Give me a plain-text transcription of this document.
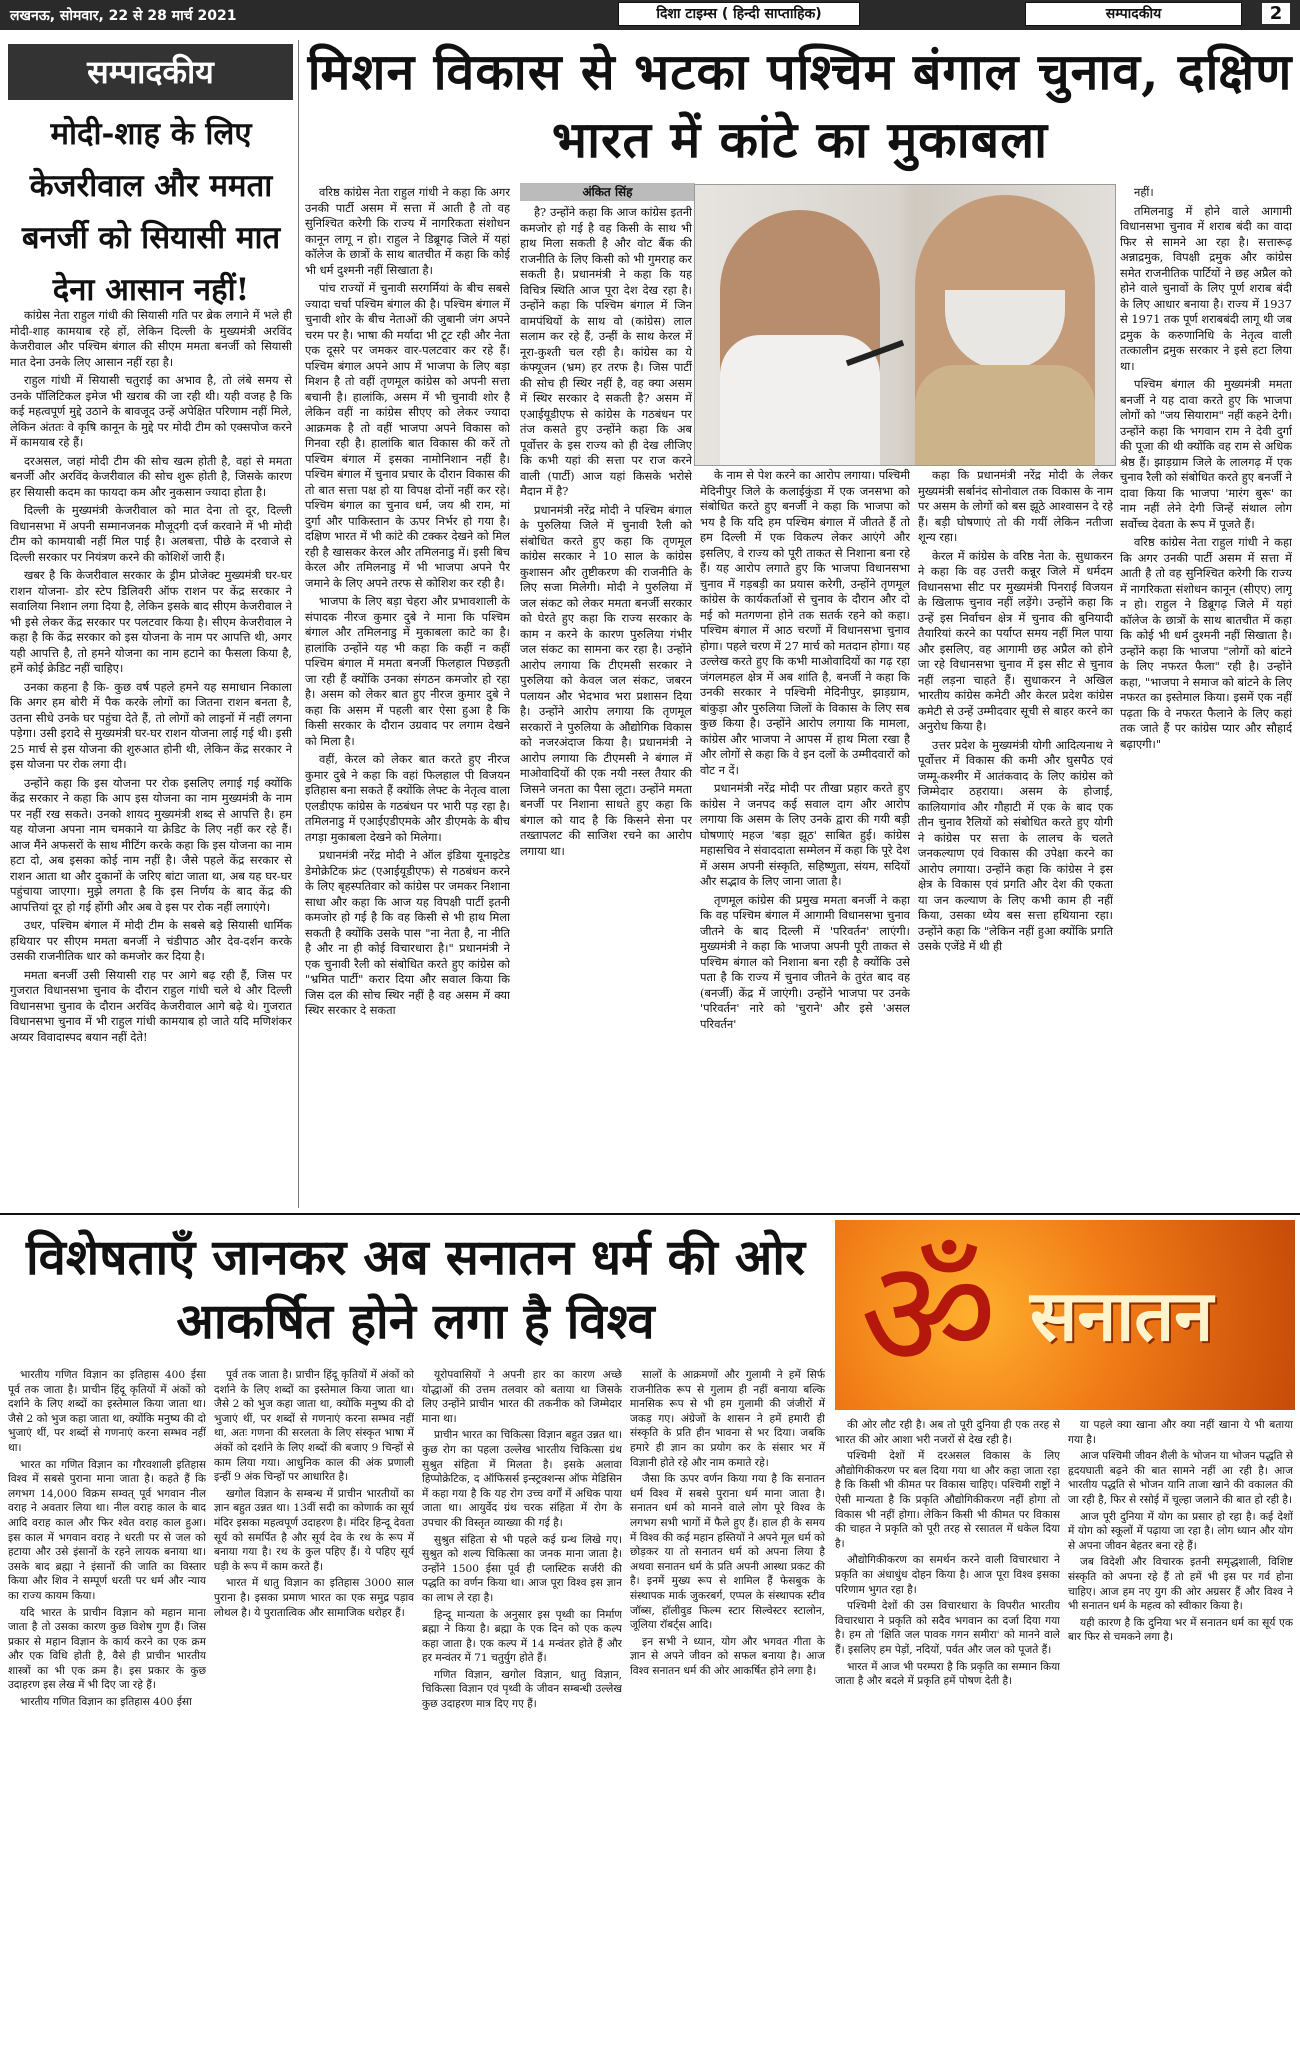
लखनऊ, सोमवार, 22 से 28 मार्च 2021	दिशा टाइम्स ( हिन्दी साप्ताहिक)	सम्पादकीय	2
सम्पादकीय
मोदी-शाह के लिए केजरीवाल और ममता बनर्जी को सियासी मात देना आसान नहीं!

कांग्रेस नेता राहुल गांधी की सियासी गति पर ब्रेक लगाने में भले ही मोदी-शाह कामयाब रहे हों, लेकिन दिल्ली के मुख्यमंत्री अरविंद केजरीवाल और पश्चिम बंगाल की सीएम ममता बनर्जी को सियासी मात देना उनके लिए आसान नहीं रहा है।

राहुल गांधी में सियासी चतुराई का अभाव है, तो लंबे समय से उनके पॉलिटिकल इमेज भी खराब की जा रही थी। यही वजह है कि कई महत्वपूर्ण मुद्दे उठाने के बावजूद उन्हें अपेक्षित परिणाम नहीं मिले, लेकिन अंततः वे कृषि कानून के मुद्दे पर मोदी टीम को एक्सपोज करने में कामयाब रहे हैं।

दरअसल, जहां मोदी टीम की सोच खत्म होती है, वहां से ममता बनर्जी और अरविंद केजरीवाल की सोच शुरू होती है, जिसके कारण हर सियासी कदम का फायदा कम और नुकसान ज्यादा होता है।

दिल्ली के मुख्यमंत्री केजरीवाल को मात देना तो दूर, दिल्ली विधानसभा में अपनी सम्मानजनक मौजूदगी दर्ज करवाने में भी मोदी टीम को कामयाबी नहीं मिल पाई है। अलबत्ता, पीछे के दरवाजे से दिल्ली सरकार पर नियंत्रण करने की कोशिशें जारी हैं।

खबर है कि केजरीवाल सरकार के ड्रीम प्रोजेक्ट मुख्यमंत्री घर-घर राशन योजना- डोर स्टेप डिलिवरी ऑफ राशन पर केंद्र सरकार ने सवालिया निशान लगा दिया है, लेकिन इसके बाद सीएम केजरीवाल ने भी इसे लेकर केंद्र सरकार पर पलटवार किया है। सीएम केजरीवाल ने कहा है कि केंद्र सरकार को इस योजना के नाम पर आपत्ति थी, अगर यही आपत्ति है, तो हमने योजना का नाम हटाने का फैसला किया है, हमें कोई क्रेडिट नहीं चाहिए।

उनका कहना है कि- कुछ वर्ष पहले हमने यह समाधान निकाला कि अगर हम बोरी में पैक करके लोगों का जितना राशन बनता है, उतना सीधे उनके घर पहुंचा देते हैं, तो लोगों को लाइनों में नहीं लगना पड़ेगा। उसी इरादे से मुख्यमंत्री घर-घर राशन योजना लाई गई थी। इसी 25 मार्च से इस योजना की शुरुआत होनी थी, लेकिन केंद्र सरकार ने इस योजना पर रोक लगा दी।

उन्होंने कहा कि इस योजना पर रोक इसलिए लगाई गई क्योंकि केंद्र सरकार ने कहा कि आप इस योजना का नाम मुख्यमंत्री के नाम पर नहीं रख सकते। उनको शायद मुख्यमंत्री शब्द से आपत्ति है। हम यह योजना अपना नाम चमकाने या क्रेडिट के लिए नहीं कर रहे हैं। आज मैंने अफसरों के साथ मीटिंग करके कहा कि इस योजना का नाम हटा दो, अब इसका कोई नाम नहीं है। जैसे पहले केंद्र सरकार से राशन आता था और दुकानों के जरिए बांटा जाता था, अब यह घर-घर पहुंचाया जाएगा। मुझे लगता है कि इस निर्णय के बाद केंद्र की आपत्तियां दूर हो गई होंगी और अब वे इस पर रोक नहीं लगाएंगे।

उधर, पश्चिम बंगाल में मोदी टीम के सबसे बड़े सियासी धार्मिक हथियार पर सीएम ममता बनर्जी ने चंडीपाठ और देव-दर्शन करके उसकी राजनीतिक धार को कमजोर कर दिया है।

ममता बनर्जी उसी सियासी राह पर आगे बढ़ रही हैं, जिस पर गुजरात विधानसभा चुनाव के दौरान राहुल गांधी चले थे और दिल्ली विधानसभा चुनाव के दौरान अरविंद केजरीवाल आगे बढ़े थे। गुजरात विधानसभा चुनाव में भी राहुल गांधी कामयाब हो जाते यदि मणिशंकर अय्यर विवादास्पद बयान नहीं देते!

मिशन विकास से भटका पश्चिम बंगाल चुनाव, दक्षिण भारत में कांटे का मुकाबला

वरिष्ठ कांग्रेस नेता राहुल गांधी ने कहा कि अगर उनकी पार्टी असम में सत्ता में आती है तो वह सुनिश्चित करेगी कि राज्य में नागरिकता संशोधन कानून लागू न हो। राहुल ने डिब्रूगढ़ जिले में यहां कॉलेज के छात्रों के साथ बातचीत में कहा कि कोई भी धर्म दुश्मनी नहीं सिखाता है।

पांच राज्यों में चुनावी सरगर्मियां के बीच सबसे ज्यादा चर्चा पश्चिम बंगाल की है। पश्चिम बंगाल में चुनावी शोर के बीच नेताओं की जुबानी जंग अपने चरम पर है। भाषा की मर्यादा भी टूट रही और नेता एक दूसरे पर जमकर वार-पलटवार कर रहे हैं। पश्चिम बंगाल अपने आप में भाजपा के लिए बड़ा मिशन है तो वहीं तृणमूल कांग्रेस को अपनी सत्ता बचानी है। हालांकि, असम में भी चुनावी शोर है लेकिन वहीं ना कांग्रेस सीएए को लेकर ज्यादा आक्रमक है तो वहीं भाजपा अपने विकास को गिनवा रही है। हालांकि बात विकास की करें तो पश्चिम बंगाल में इसका नामोनिशान नहीं है। पश्चिम बंगाल में चुनाव प्रचार के दौरान विकास की तो बात सत्ता पक्ष हो या विपक्ष दोनों नहीं कर रहे। पश्चिम बंगाल का चुनाव धर्म, जय श्री राम, मां दुर्गा और पाकिस्तान के ऊपर निर्भर हो गया है। दक्षिण भारत में भी कांटे की टक्कर देखने को मिल रही है खासकर केरल और तमिलनाडु में। इसी बिच केरल और तमिलनाडु में भी भाजपा अपने पैर जमाने के लिए अपने तरफ से कोशिश कर रही है।

भाजपा के लिए बड़ा चेहरा और प्रभावशाली के संपादक नीरज कुमार दुबे ने माना कि पश्चिम बंगाल और तमिलनाडु में मुकाबला काटे का है। हालांकि उन्होंने यह भी कहा कि कहीं न कहीं पश्चिम बंगाल में ममता बनर्जी फिलहाल पिछड़ती जा रही हैं क्योंकि उनका संगठन कमजोर हो रहा है। असम को लेकर बात हुए नीरज कुमार दुबे ने कहा कि असम में पहली बार ऐसा हुआ है कि किसी सरकार के दौरान उग्रवाद पर लगाम देखने को मिला है।

वहीं, केरल को लेकर बात करते हुए नीरज कुमार दुबे ने कहा कि वहां फिलहाल पी विजयन इतिहास बना सकते हैं क्योंकि लेफ्ट के नेतृत्व वाला एलडीएफ कांग्रेस के गठबंधन पर भारी पड़ रहा है। तमिलनाडु में एआईएडीएमके और डीएमके के बीच तगड़ा मुकाबला देखने को मिलेगा।

प्रधानमंत्री नरेंद्र मोदी ने ऑल इंडिया यूनाइटेड डेमोक्रेटिक फ्रंट (एआईयूडीएफ) से गठबंधन करने के लिए बृहस्पतिवार को कांग्रेस पर जमकर निशाना साधा और कहा कि आज यह विपक्षी पार्टी इतनी कमजोर हो गई है कि वह किसी से भी हाथ मिला सकती है क्योंकि उसके पास "ना नेता है, ना नीति है और ना ही कोई विचारधारा है।" प्रधानमंत्री ने एक चुनावी रैली को संबोधित करते हुए कांग्रेस को "भ्रमित पार्टी" करार दिया और सवाल किया कि जिस दल की सोच स्थिर नहीं है वह असम में क्या स्थिर सरकार दे सकता

अंकित सिंह

है? उन्होंने कहा कि आज कांग्रेस इतनी कमजोर हो गई है वह किसी के साथ भी हाथ मिला सकती है और वोट बैंक की राजनीति के लिए किसी को भी गुमराह कर सकती है। प्रधानमंत्री ने कहा कि यह विचित्र स्थिति आज पूरा देश देख रहा है। उन्होंने कहा कि पश्चिम बंगाल में जिन वामपंथियों के साथ वो (कांग्रेस) लाल सलाम कर रहे हैं, उन्हीं के साथ केरल में नूरा-कुश्ती चल रही है। कांग्रेस का ये कंफ्यूजन (भ्रम) हर तरफ है। जिस पार्टी की सोच ही स्थिर नहीं है, वह क्या असम में स्थिर सरकार दे सकती है? असम में एआईयूडीएफ से कांग्रेस के गठबंधन पर तंज कसते हुए उन्होंने कहा कि अब पूर्वोत्तर के इस राज्य को ही देख लीजिए कि कभी यहां की सत्ता पर राज करने वाली (पार्टी) आज यहां किसके भरोसे मैदान में है?

प्रधानमंत्री नरेंद्र मोदी ने पश्चिम बंगाल के पुरुलिया जिले में चुनावी रैली को संबोधित करते हुए कहा कि तृणमूल कांग्रेस सरकार ने 10 साल के कांग्रेस कुशासन और तुष्टीकरण की राजनीति के लिए सजा मिलेगी। मोदी ने पुरुलिया में जल संकट को लेकर ममता बनर्जी सरकार को घेरते हुए कहा कि राज्य सरकार के काम न करने के कारण पुरुलिया गंभीर जल संकट का सामना कर रहा है। उन्होंने आरोप लगाया कि टीएमसी सरकार ने पुरुलिया को केवल जल संकट, जबरन पलायन और भेदभाव भरा प्रशासन दिया है। उन्होंने आरोप लगाया कि तृणमूल सरकारों ने पुरुलिया के औद्योगिक विकास को नजरअंदाज किया है। प्रधानमंत्री ने आरोप लगाया कि टीएमसी ने बंगाल में माओवादियों की एक नयी नस्ल तैयार की जिसने जनता का पैसा लूटा। उन्होंने ममता बनर्जी पर निशाना साधते हुए कहा कि बंगाल को याद है कि किसने सेना पर तख्तापलट की साजिश रचने का आरोप लगाया था।

के नाम से पेश करने का आरोप लगाया। पश्चिमी मेदिनीपुर जिले के कलाईकुंडा में एक जनसभा को संबोधित करते हुए बनर्जी ने कहा कि भाजपा को भय है कि यदि हम पश्चिम बंगाल में जीतते हैं तो हम दिल्ली में एक विकल्प लेकर आएंगे और इसलिए, वे राज्य को पूरी ताकत से निशाना बना रहे हैं। यह आरोप लगाते हुए कि भाजपा विधानसभा चुनाव में गड़बड़ी का प्रयास करेगी, उन्होंने तृणमूल कांग्रेस के कार्यकर्ताओं से चुनाव के दौरान और दो मई को मतगणना होने तक सतर्क रहने को कहा। पश्चिम बंगाल में आठ चरणों में विधानसभा चुनाव होगा। पहले चरण में 27 मार्च को मतदान होगा। यह उल्लेख करते हुए कि कभी माओवादियों का गढ़ रहा जंगलमहल क्षेत्र में अब शांति है, बनर्जी ने कहा कि उनकी सरकार ने पश्चिमी मेदिनीपुर, झाड़ग्राम, बांकुड़ा और पुरुलिया जिलों के विकास के लिए सब कुछ किया है। उन्होंने आरोप लगाया कि मामला, कांग्रेस और भाजपा ने आपस में हाथ मिला रखा है और लोगों से कहा कि वे इन दलों के उम्मीदवारों को वोट न दें।

प्रधानमंत्री नरेंद्र मोदी पर तीखा प्रहार करते हुए कांग्रेस ने जनपद कई सवाल दाग और आरोप लगाया कि असम के लिए उनके द्वारा की गयी बड़ी घोषणाएं महज 'बड़ा झूठ' साबित हुई। कांग्रेस महासचिव ने संवाददाता सम्मेलन में कहा कि पूरे देश में असम अपनी संस्कृति, सहिष्णुता, संयम, सदियों और सद्भाव के लिए जाना जाता है।

तृणमूल कांग्रेस की प्रमुख ममता बनर्जी ने कहा कि वह पश्चिम बंगाल में आगामी विधानसभा चुनाव जीतने के बाद दिल्ली में 'परिवर्तन' लाएंगी। मुख्यमंत्री ने कहा कि भाजपा अपनी पूरी ताकत से पश्चिम बंगाल को निशाना बना रही है क्योंकि उसे पता है कि राज्य में चुनाव जीतने के तुरंत बाद वह (बनर्जी) केंद्र में जाएंगी। उन्होंने भाजपा पर उनके 'परिवर्तन' नारे को 'चुराने' और इसे 'असल परिवर्तन'

कहा कि प्रधानमंत्री नरेंद्र मोदी के लेकर मुख्यमंत्री सर्बानंद सोनोवाल तक विकास के नाम पर असम के लोगों को बस झूठे आश्वासन दे रहे हैं। बड़ी घोषणाएं तो की गयीं लेकिन नतीजा शून्य रहा।

केरल में कांग्रेस के वरिष्ठ नेता के. सुधाकरन ने कहा कि वह उत्तरी कन्नूर जिले में धर्मदम विधानसभा सीट पर मुख्यमंत्री पिनराई विजयन के खिलाफ चुनाव नहीं लड़ेंगे। उन्होंने कहा कि उन्हें इस निर्वाचन क्षेत्र में चुनाव की बुनियादी तैयारियां करने का पर्याप्त समय नहीं मिल पाया और इसलिए, वह आगामी छह अप्रैल को होने जा रहे विधानसभा चुनाव में इस सीट से चुनाव नहीं लड़ना चाहते हैं। सुधाकरन ने अखिल भारतीय कांग्रेस कमेटी और केरल प्रदेश कांग्रेस कमेटी से उन्हें उम्मीदवार सूची से बाहर करने का अनुरोध किया है।

उत्तर प्रदेश के मुख्यमंत्री योगी आदित्यनाथ ने पूर्वोत्तर में विकास की कमी और घुसपैठ एवं जम्मू-कश्मीर में आतंकवाद के लिए कांग्रेस को जिम्मेदार ठहराया। असम के होजाई, कालियागांव और गौहाटी में एक के बाद एक तीन चुनाव रैलियों को संबोधित करते हुए योगी ने कांग्रेस पर सत्ता के लालच के चलते जनकल्याण एवं विकास की उपेक्षा करने का आरोप लगाया। उन्होंने कहा कि कांग्रेस ने इस क्षेत्र के विकास एवं प्रगति और देश की एकता या जन कल्याण के लिए कभी काम ही नहीं किया, उसका ध्येय बस सत्ता हथियाना रहा। उन्होंने कहा कि "लेकिन नहीं हुआ क्योंकि प्रगति उसके एजेंडे में थी ही

नहीं।

तमिलनाडु में होने वाले आगामी विधानसभा चुनाव में शराब बंदी का वादा फिर से सामने आ रहा है। सत्तारूढ़ अन्नाद्रमुक, विपक्षी द्रमुक और कांग्रेस समेत राजनीतिक पार्टियों ने छह अप्रैल को होने वाले चुनावों के लिए पूर्ण शराब बंदी के लिए आधार बनाया है। राज्य में 1937 से 1971 तक पूर्ण शराबबंदी लागू थी जब द्रमुक के करुणानिधि के नेतृत्व वाली तत्कालीन द्रमुक सरकार ने इसे हटा लिया था।

पश्चिम बंगाल की मुख्यमंत्री ममता बनर्जी ने यह दावा करते हुए कि भाजपा लोगों को "जय सियाराम" नहीं कहने देगी। उन्होंने कहा कि भगवान राम ने देवी दुर्गा की पूजा की थी क्योंकि वह राम से अधिक श्रेष्ठ हैं। झाड़ग्राम जिले के लालगढ़ में एक चुनाव रैली को संबोधित करते हुए बनर्जी ने दावा किया कि भाजपा 'मारंग बुरू' का नाम नहीं लेने देगी जिन्हें संथाल लोग सर्वोच्च देवता के रूप में पूजते हैं।

वरिष्ठ कांग्रेस नेता राहुल गांधी ने कहा कि अगर उनकी पार्टी असम में सत्ता में आती है तो वह सुनिश्चित करेगी कि राज्य में नागरिकता संशोधन कानून (सीएए) लागू न हो। राहुल ने डिब्रूगढ़ जिले में यहां कॉलेज के छात्रों के साथ बातचीत में कहा कि कोई भी धर्म दुश्मनी नहीं सिखाता है। उन्होंने कहा कि भाजपा "लोगों को बांटने के लिए नफरत फैला" रही है। उन्होंने कहा, "भाजपा ने समाज को बांटने के लिए नफरत का इस्तेमाल किया। इसमें एक नहीं पढ़ता कि वे नफरत फैलाने के लिए कहां तक जाते हैं पर कांग्रेस प्यार और सौहार्द बढ़ाएगी।"

विशेषताएँ जानकर अब सनातन धर्म की ओर आकर्षित होने लगा है विश्व	ॐ सनातन

भारतीय गणित विज्ञान का इतिहास 400 ईसा पूर्व तक जाता है। प्राचीन हिंदू कृतियों में अंकों को दर्शाने के लिए शब्दों का इस्तेमाल किया जाता था। जैसे 2 को भुज कहा जाता था, क्योंकि मनुष्य की दो भुजाएं थीं, पर शब्दों से गणनाएं करना सम्भव नहीं था।

भारत का गणित विज्ञान का गौरवशाली इतिहास विश्व में सबसे पुराना माना जाता है। कहते हैं कि लगभग 14,000 विक्रम सम्वत् पूर्व भगवान नील वराह ने अवतार लिया था। नील वराह काल के बाद आदि वराह काल और फिर श्वेत वराह काल हुआ। इस काल में भगवान वराह ने धरती पर से जल को हटाया और उसे इंसानों के रहने लायक बनाया था। उसके बाद ब्रह्मा ने इंसानों की जाति का विस्तार किया और शिव ने सम्पूर्ण धरती पर धर्म और न्याय का राज्य कायम किया।

यदि भारत के प्राचीन विज्ञान को महान माना जाता है तो उसका कारण कुछ विशेष गुण हैं। जिस प्रकार से महान विज्ञान के कार्य करने का एक क्रम और एक विधि होती है, वैसे ही प्राचीन भारतीय शास्त्रों का भी एक क्रम है। इस प्रकार के कुछ उदाहरण इस लेख में भी दिए जा रहे हैं।

भारतीय गणित विज्ञान का इतिहास 400 ईसा

पूर्व तक जाता है। प्राचीन हिंदू कृतियों में अंकों को दर्शाने के लिए शब्दों का इस्तेमाल किया जाता था। जैसे 2 को भुज कहा जाता था, क्योंकि मनुष्य की दो भुजाएं थीं, पर शब्दों से गणनाएं करना सम्भव नहीं था, अतः गणना की सरलता के लिए संस्कृत भाषा में अंकों को दर्शाने के लिए शब्दों की बजाए 9 चिन्हों से काम लिया गया। आधुनिक काल की अंक प्रणाली इन्हीं 9 अंक चिन्हों पर आधारित है।

खगोल विज्ञान के सम्बन्ध में प्राचीन भारतीयों का ज्ञान बहुत उन्नत था। 13वीं सदी का कोणार्क का सूर्य मंदिर इसका महत्वपूर्ण उदाहरण है। मंदिर हिन्दू देवता सूर्य को समर्पित है और सूर्य देव के रथ के रूप में बनाया गया है। रथ के कुल पहिए हैं। ये पहिए सूर्य घड़ी के रूप में काम करते हैं।

भारत में धातु विज्ञान का इतिहास 3000 साल पुराना है। इसका प्रमाण भारत का एक समुद्र पड़ाव लोथल है। ये पुरातात्विक और सामाजिक धरोहर हैं।

यूरोपवासियों ने अपनी हार का कारण अच्छे योद्धाओं की उत्तम तलवार को बताया था जिसके लिए उन्होंने प्राचीन भारत की तकनीक को जिम्मेदार माना था।

प्राचीन भारत का चिकित्सा विज्ञान बहुत उन्नत था। कुछ रोग का पहला उल्लेख भारतीय चिकित्सा ग्रंथ सुश्रुत संहिता में मिलता है। इसके अलावा हिप्पोक्रेटिक, द ऑफिसर्स इन्स्ट्रक्शन्स ऑफ मेडिसिन में कहा गया है कि यह रोग उच्च वर्गों में अधिक पाया जाता था। आयुर्वेद ग्रंथ चरक संहिता में रोग के उपचार की विस्तृत व्याख्या की गई है।

सुश्रुत संहिता से भी पहले कई ग्रन्थ लिखे गए। सुश्रुत को शल्य चिकित्सा का जनक माना जाता है। उन्होंने 1500 ईसा पूर्व ही प्लास्टिक सर्जरी की पद्धति का वर्णन किया था। आज पूरा विश्व इस ज्ञान का लाभ ले रहा है।

हिन्दू मान्यता के अनुसार इस पृथ्वी का निर्माण ब्रह्मा ने किया है। ब्रह्मा के एक दिन को एक कल्प कहा जाता है। एक कल्प में 14 मन्वंतर होते हैं और हर मन्वंतर में 71 चतुर्युग होते हैं।

गणित विज्ञान, खगोल विज्ञान, धातु विज्ञान, चिकित्सा विज्ञान एवं पृथ्वी के जीवन सम्बन्धी उल्लेख कुछ उदाहरण मात्र दिए गए हैं।

सालों के आक्रमणों और गुलामी ने हमें सिर्फ राजनीतिक रूप से गुलाम ही नहीं बनाया बल्कि मानसिक रूप से भी हम गुलामी की जंजीरों में जकड़ गए। अंग्रेजों के शासन ने हमें हमारी ही संस्कृति के प्रति हीन भावना से भर दिया। जबकि हमारे ही ज्ञान का प्रयोग कर के संसार भर में विज्ञानी होते रहे और नाम कमाते रहे।

जैसा कि ऊपर वर्णन किया गया है कि सनातन धर्म विश्व में सबसे पुराना धर्म माना जाता है। सनातन धर्म को मानने वाले लोग पूरे विश्व के लगभग सभी भागों में फैले हुए हैं। हाल ही के समय में विश्व की कई महान हस्तियों ने अपने मूल धर्म को छोड़कर या तो सनातन धर्म को अपना लिया है अथवा सनातन धर्म के प्रति अपनी आस्था प्रकट की है। इनमें मुख्य रूप से शामिल हैं फेसबुक के संस्थापक मार्क जुकरबर्ग, एप्पल के संस्थापक स्टीव जॉब्स, हॉलीवुड फिल्म स्टार सिल्वेस्टर स्टालोन, जूलिया रॉबर्ट्स आदि।

इन सभी ने ध्यान, योग और भगवत गीता के ज्ञान से अपने जीवन को सफल बनाया है। आज विश्व सनातन धर्म की ओर आकर्षित होने लगा है।

की ओर लौट रही है। अब तो पूरी दुनिया ही एक तरह से भारत की ओर आशा भरी नजरों से देख रही है।

पश्चिमी देशों में दरअसल विकास के लिए औद्योगिकीकरण पर बल दिया गया था और कहा जाता रहा है कि किसी भी कीमत पर विकास चाहिए। पश्चिमी राष्ट्रों ने ऐसी मान्यता है कि प्रकृति औद्योगिकीकरण नहीं होगा तो विकास भी नहीं होगा। लेकिन किसी भी कीमत पर विकास की चाहत ने प्रकृति को पूरी तरह से रसातल में धकेल दिया है।

औद्योगिकीकरण का समर्थन करने वाली विचारधारा ने प्रकृति का अंधाधुंध दोहन किया है। आज पूरा विश्व इसका परिणाम भुगत रहा है।

पश्चिमी देशों की उस विचारधारा के विपरीत भारतीय विचारधारा ने प्रकृति को सदैव भगवान का दर्जा दिया गया है। हम तो 'क्षिति जल पावक गगन समीरा' को मानने वाले हैं। इसलिए हम पेड़ों, नदियों, पर्वत और जल को पूजते हैं।

भारत में आज भी परम्परा है कि प्रकृति का सम्मान किया जाता है और बदले में प्रकृति हमें पोषण देती है।

या पहले क्या खाना और क्या नहीं खाना ये भी बताया गया है।

आज पश्चिमी जीवन शैली के भोजन या भोजन पद्धति से हृदयघाती बढ़ने की बात सामने नहीं आ रही है। आज भारतीय पद्धति से भोजन यानि ताजा खाने की वकालत की जा रही है, फिर से रसोई में चूल्हा जलाने की बात हो रही है।

आज पूरी दुनिया में योग का प्रसार हो रहा है। कई देशों में योग को स्कूलों में पढ़ाया जा रहा है। लोग ध्यान और योग से अपना जीवन बेहतर बना रहे हैं।

जब विदेशी और विचारक इतनी समृद्धशाली, विशिष्ट संस्कृति को अपना रहे हैं तो हमें भी इस पर गर्व होना चाहिए। आज हम नए युग की ओर अग्रसर हैं और विश्व ने भी सनातन धर्म के महत्व को स्वीकार किया है।

यही कारण है कि दुनिया भर में सनातन धर्म का सूर्य एक बार फिर से चमकने लगा है।
